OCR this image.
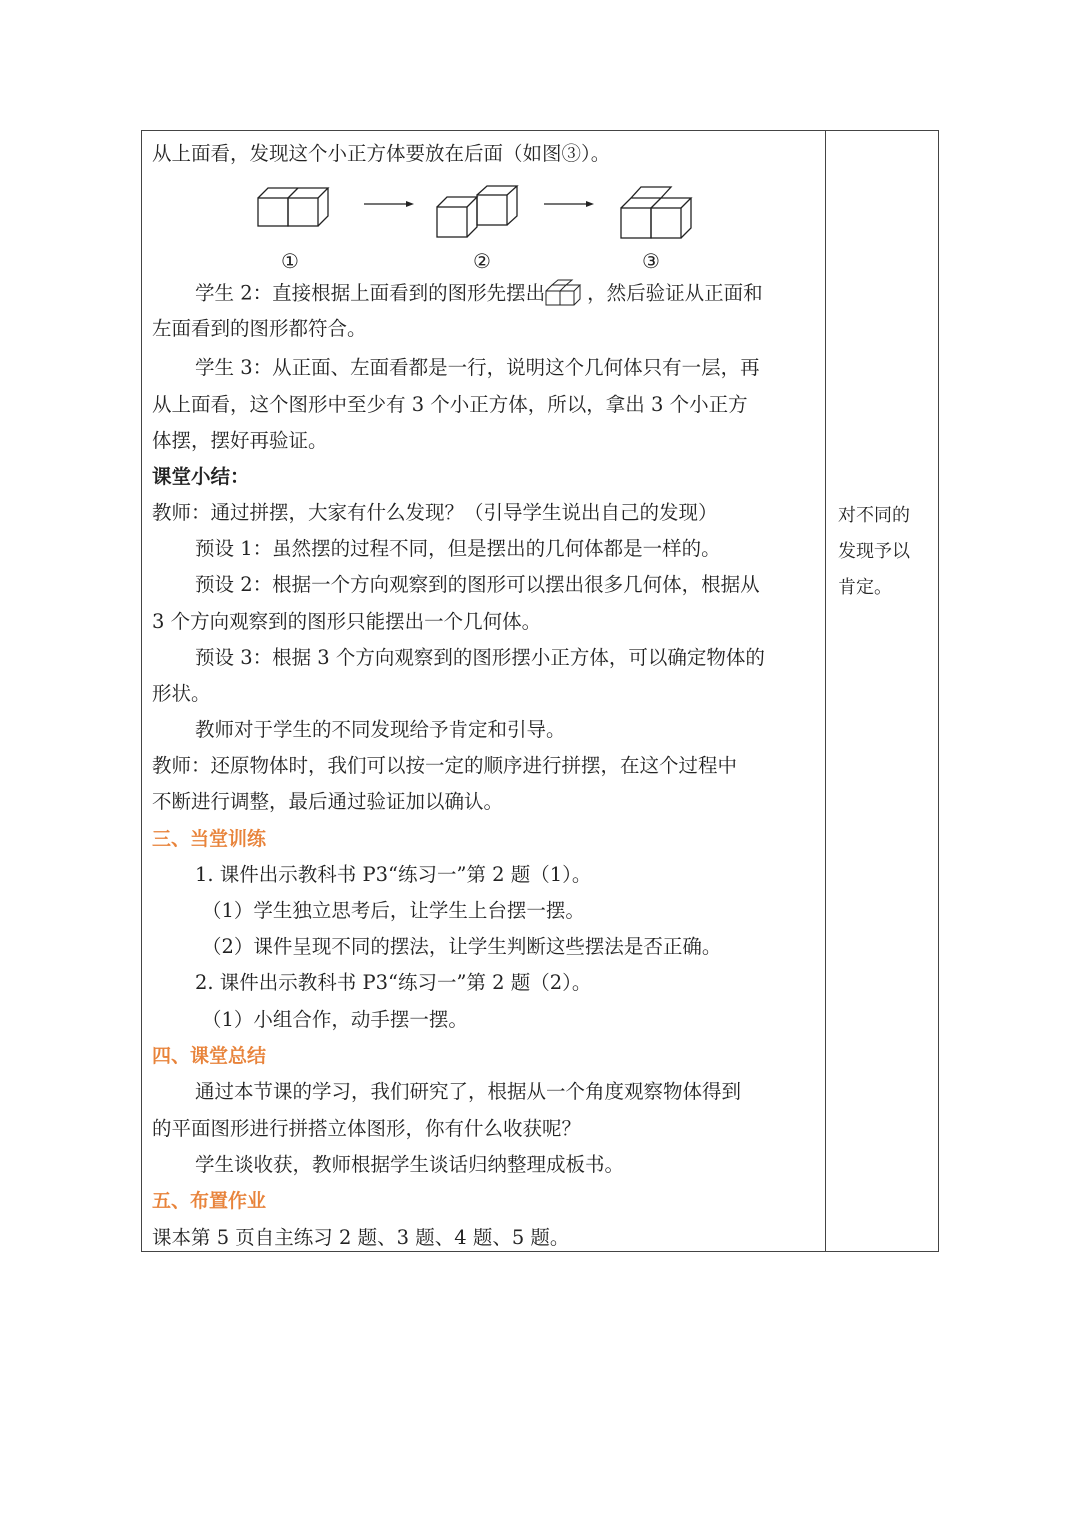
从上面看，发现这个小正方体要放在后面（如图③）。
①	②	③
学生 2：直接根据上面看到的图形先摆出 ，然后验证从正面和
左面看到的图形都符合。
学生 3：从正面、左面看都是一行，说明这个几何体只有一层，再
从上面看，这个图形中至少有 3 个小正方体，所以，拿出 3 个小正方
体摆，摆好再验证。
课堂小结：
教师：通过拼摆，大家有什么发现？（引导学生说出自己的发现）
预设 1：虽然摆的过程不同，但是摆出的几何体都是一样的。
预设 2：根据一个方向观察到的图形可以摆出很多几何体，根据从
3 个方向观察到的图形只能摆出一个几何体。
预设 3：根据 3 个方向观察到的图形摆小正方体，可以确定物体的
形状。
教师对于学生的不同发现给予肯定和引导。
教师：还原物体时，我们可以按一定的顺序进行拼摆，在这个过程中
不断进行调整，最后通过验证加以确认。
三、当堂训练
1. 课件出示教科书 P3“练习一”第 2 题（1）。
（1）学生独立思考后，让学生上台摆一摆。
（2）课件呈现不同的摆法，让学生判断这些摆法是否正确。
2. 课件出示教科书 P3“练习一”第 2 题（2）。
（1）小组合作，动手摆一摆。
四、课堂总结
通过本节课的学习，我们研究了，根据从一个角度观察物体得到
的平面图形进行拼搭立体图形，你有什么收获呢？
学生谈收获，教师根据学生谈话归纳整理成板书。
五、布置作业
课本第 5 页自主练习 2 题、3 题、4 题、5 题。
对不同的
发现予以
肯定。
